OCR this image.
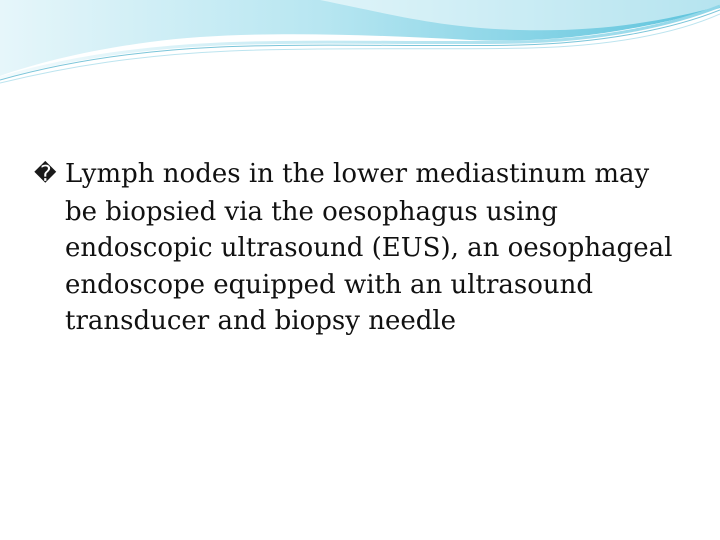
� Lymph nodes in the lower mediastinum may be biopsied via the oesophagus using endoscopic ultrasound (EUS), an oesophageal endoscope equipped with an ultrasound transducer and biopsy needle
